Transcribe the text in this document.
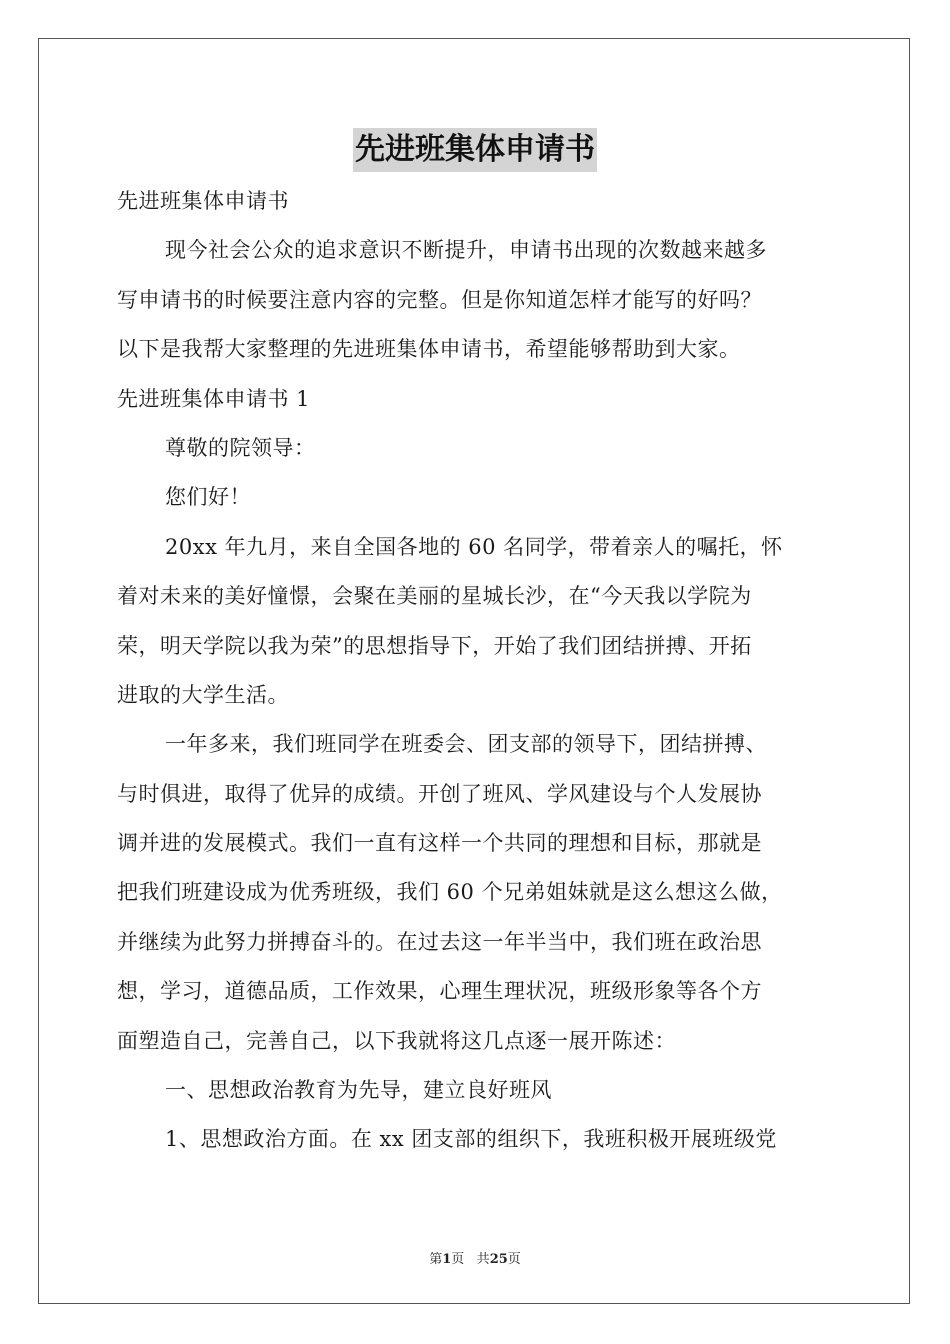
先进班集体申请书
先进班集体申请书
现今社会公众的追求意识不断提升，申请书出现的次数越来越多
写申请书的时候要注意内容的完整。但是你知道怎样才能写的好吗？
以下是我帮大家整理的先进班集体申请书，希望能够帮助到大家。
先进班集体申请书 1
尊敬的院领导：
您们好！
20xx 年九月，来自全国各地的 60 名同学，带着亲人的嘱托，怀
着对未来的美好憧憬，会聚在美丽的星城长沙，在“今天我以学院为
荣，明天学院以我为荣”的思想指导下，开始了我们团结拼搏、开拓
进取的大学生活。
一年多来，我们班同学在班委会、团支部的领导下，团结拼搏、
与时俱进，取得了优异的成绩。开创了班风、学风建设与个人发展协
调并进的发展模式。我们一直有这样一个共同的理想和目标，那就是
把我们班建设成为优秀班级，我们 60 个兄弟姐妹就是这么想这么做，
并继续为此努力拼搏奋斗的。在过去这一年半当中，我们班在政治思
想，学习，道德品质，工作效果，心理生理状况，班级形象等各个方
面塑造自己，完善自己，以下我就将这几点逐一展开陈述：
一、思想政治教育为先导，建立良好班风
1、思想政治方面。在 xx 团支部的组织下，我班积极开展班级党
第1页 共25页
